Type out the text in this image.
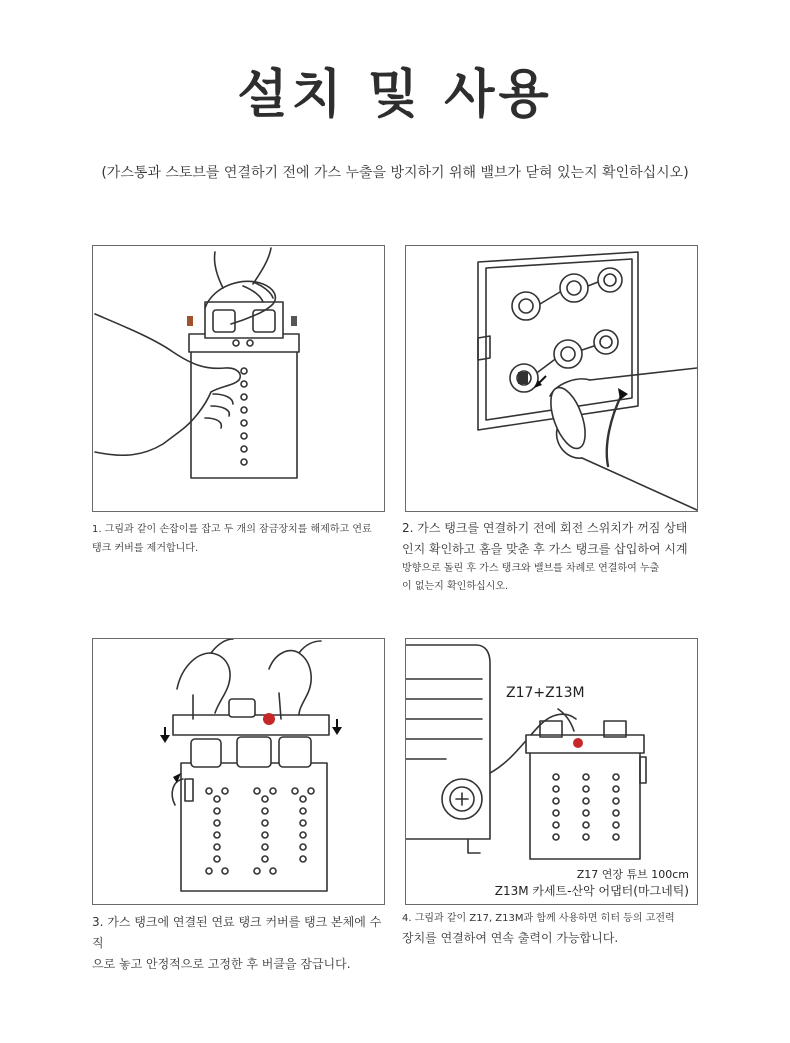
설치 및 사용
(가스통과 스토브를 연결하기 전에 가스 누출을 방지하기 위해 밸브가 닫혀 있는지 확인하십시오)
Z17+Z13M
Z17 연장 튜브 100cm
Z13M 카세트-산악 어댑터(마그네틱)

1. 그림과 같이 손잡이를 잡고 두 개의 잠금장치를 해제하고 연료

탱크 커버를 제거합니다.

2. 가스 탱크를 연결하기 전에 회전 스위치가 꺼짐 상태

인지 확인하고 홈을 맞춘 후 가스 탱크를 삽입하여 시계

방향으로 돌린 후 가스 탱크와 밸브를 차례로 연결하여 누출

이 없는지 확인하십시오.

3. 가스 탱크에 연결된 연료 탱크 커버를 탱크 본체에 수직

으로 놓고 안정적으로 고정한 후 버클을 잠급니다.

4. 그림과 같이 Z17, Z13M과 함께 사용하면 히터 등의 고전력

장치를 연결하여 연속 출력이 가능합니다.
